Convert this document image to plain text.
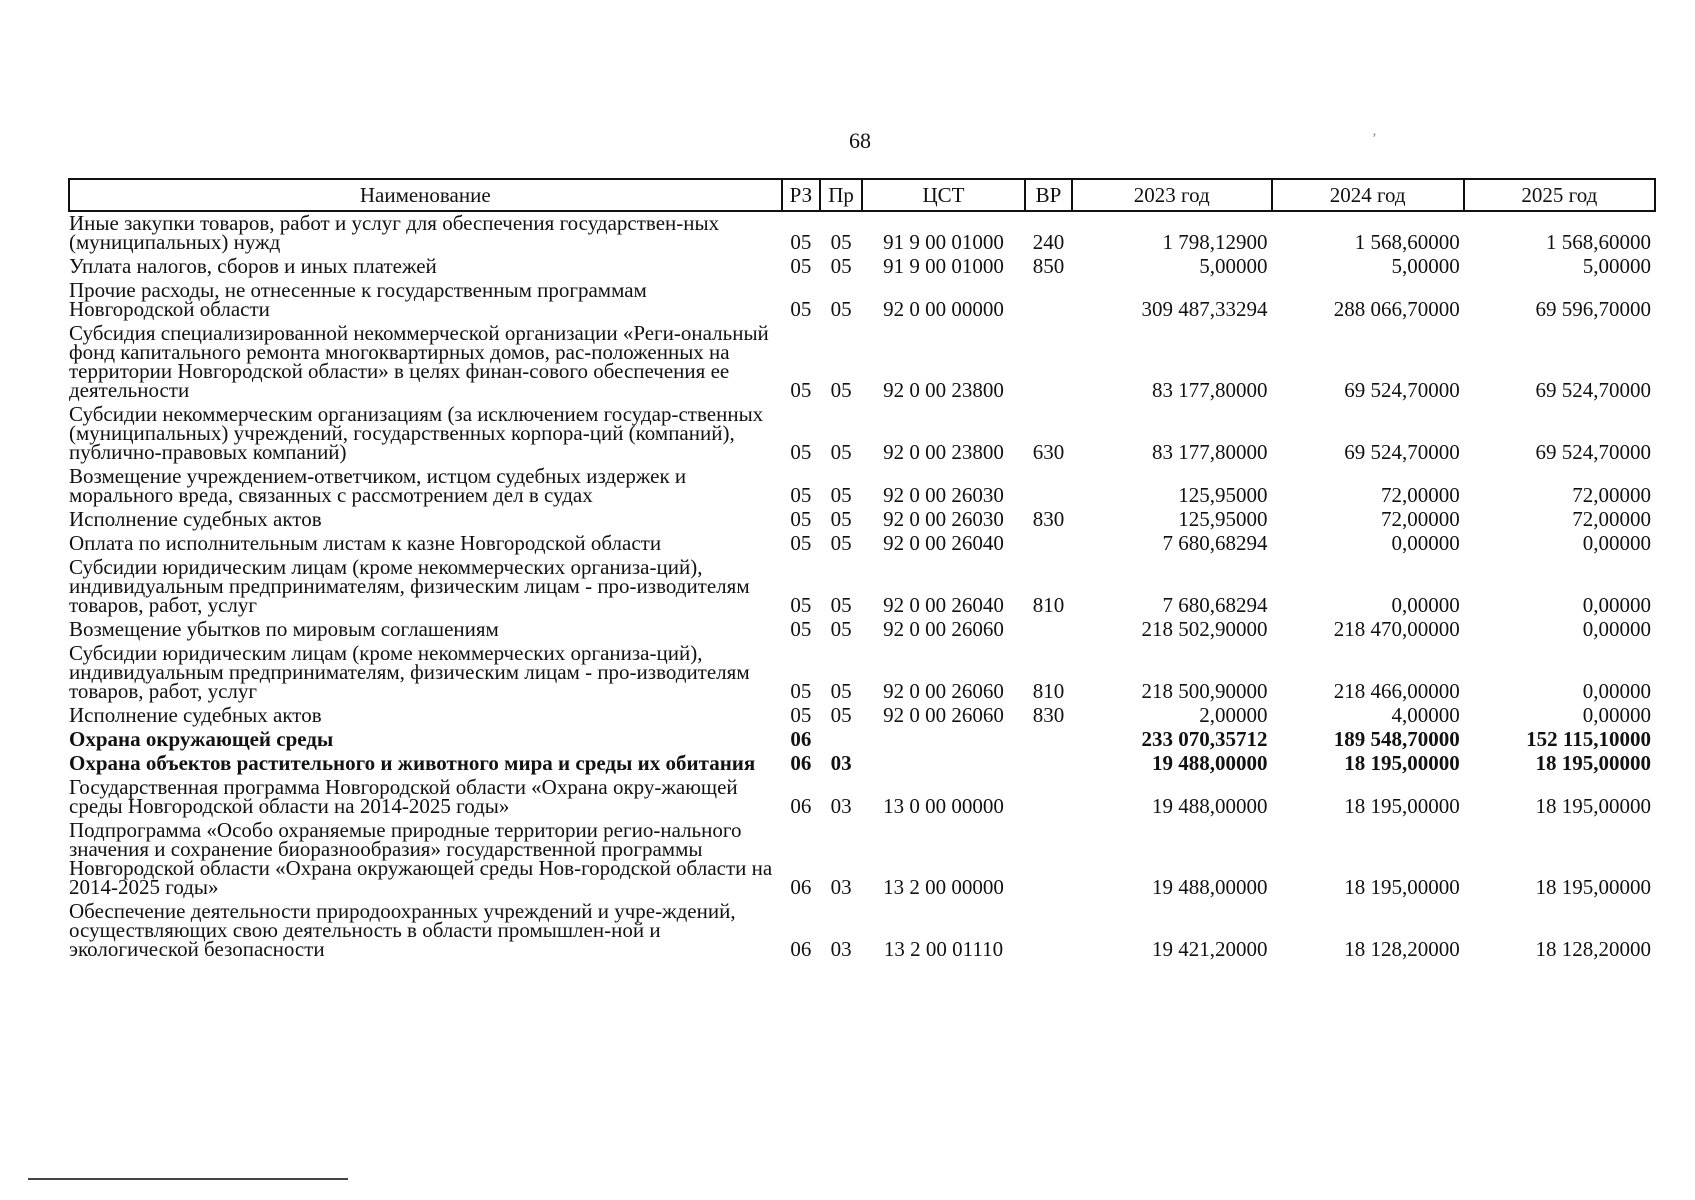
68	‚
Наименование	РЗ	Пр	ЦСТ	ВР	2023 год	2024 год	2025 год
Иные закупки товаров, работ и услуг для обеспечения государствен-ных (муниципальных) нужд	05	05	91 9 00 01000	240	1 798,12900	1 568,60000	1 568,60000
Уплата налогов, сборов и иных платежей	05	05	91 9 00 01000	850	5,00000	5,00000	5,00000
Прочие расходы, не отнесенные к государственным программам Новгородской области	05	05	92 0 00 00000		309 487,33294	288 066,70000	69 596,70000
Субсидия специализированной некоммерческой организации «Реги-ональный фонд капитального ремонта многоквартирных домов, рас-положенных на территории Новгородской области» в целях финан-сового обеспечения ее деятельности	05	05	92 0 00 23800		83 177,80000	69 524,70000	69 524,70000
Субсидии некоммерческим организациям (за исключением государ-ственных (муниципальных) учреждений, государственных корпора-ций (компаний), публично-правовых компаний)	05	05	92 0 00 23800	630	83 177,80000	69 524,70000	69 524,70000
Возмещение учреждением-ответчиком, истцом судебных издержек и морального вреда, связанных с рассмотрением дел в судах	05	05	92 0 00 26030		125,95000	72,00000	72,00000
Исполнение судебных актов	05	05	92 0 00 26030	830	125,95000	72,00000	72,00000
Оплата по исполнительным листам к казне Новгородской области	05	05	92 0 00 26040		7 680,68294	0,00000	0,00000
Субсидии юридическим лицам (кроме некоммерческих организа-ций), индивидуальным предпринимателям, физическим лицам - про-изводителям товаров, работ, услуг	05	05	92 0 00 26040	810	7 680,68294	0,00000	0,00000
Возмещение убытков по мировым соглашениям	05	05	92 0 00 26060		218 502,90000	218 470,00000	0,00000
Субсидии юридическим лицам (кроме некоммерческих организа-ций), индивидуальным предпринимателям, физическим лицам - про-изводителям товаров, работ, услуг	05	05	92 0 00 26060	810	218 500,90000	218 466,00000	0,00000
Исполнение судебных актов	05	05	92 0 00 26060	830	2,00000	4,00000	0,00000
Охрана окружающей среды	06				233 070,35712	189 548,70000	152 115,10000
Охрана объектов растительного и животного мира и среды их обитания	06	03			19 488,00000	18 195,00000	18 195,00000
Государственная программа Новгородской области «Охрана окру-жающей среды Новгородской области на 2014-2025 годы»	06	03	13 0 00 00000		19 488,00000	18 195,00000	18 195,00000
Подпрограмма «Особо охраняемые природные территории регио-нального значения и сохранение биоразнообразия» государственной программы Новгородской области «Охрана окружающей среды Нов-городской области на 2014-2025 годы»	06	03	13 2 00 00000		19 488,00000	18 195,00000	18 195,00000
Обеспечение деятельности природоохранных учреждений и учре-ждений, осуществляющих свою деятельность в области промышлен-ной и экологической безопасности	06	03	13 2 00 01110		19 421,20000	18 128,20000	18 128,20000
